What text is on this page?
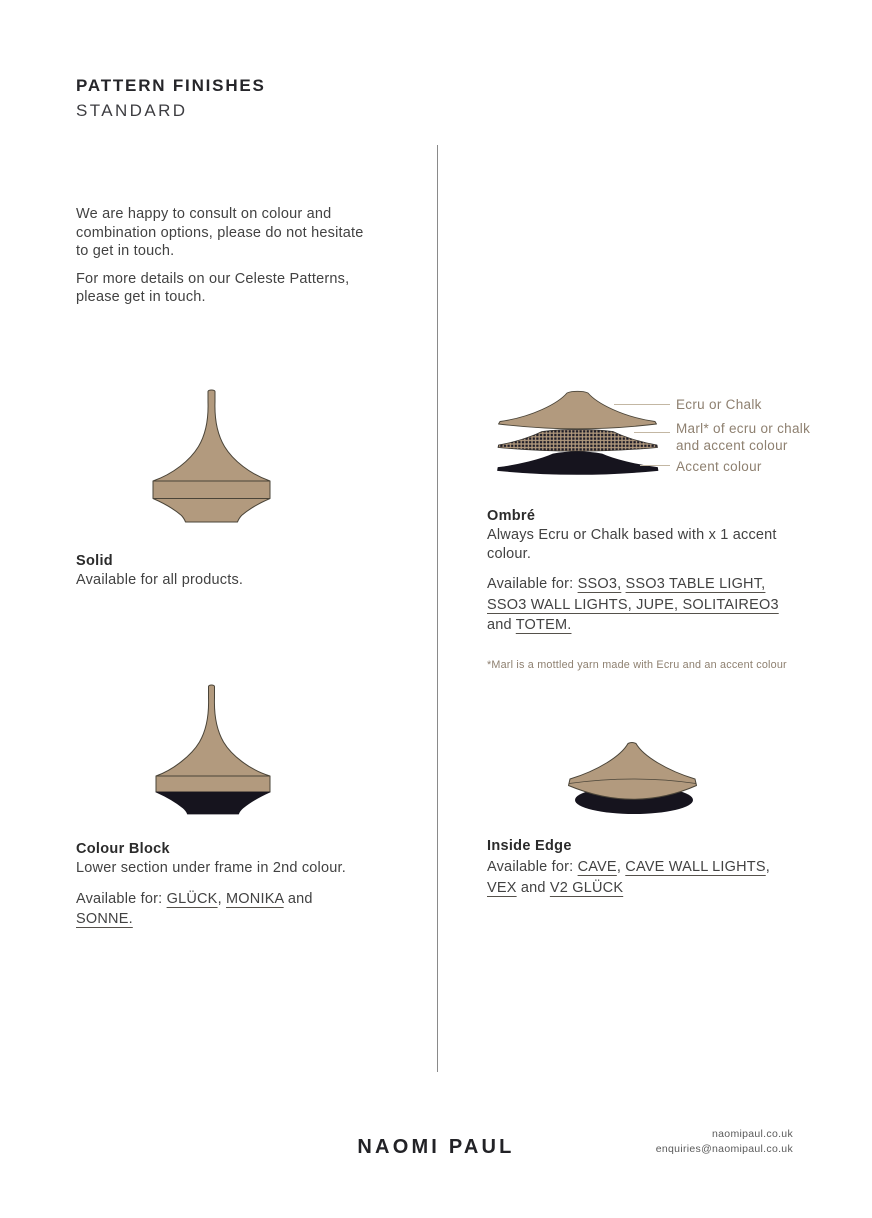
PATTERN FINISHES
STANDARD
We are happy to consult on colour and
combination options, please do not hesitate
to get in touch.
For more details on our Celeste Patterns,
please get in touch.
Solid
Available for all products.
Ecru or Chalk
Marl* of ecru or chalk and accent colour
Accent colour
Ombré
Always Ecru or Chalk based with x 1 accent
colour.
Available for: SSO3, SSO3 TABLE LIGHT,
SSO3 WALL LIGHTS, JUPE, SOLITAIREO3
and TOTEM.
*Marl is a mottled yarn made with Ecru and an accent colour
Colour Block
Lower section under frame in 2nd colour.
Available for: GLÜCK, MONIKA and
SONNE.
Inside Edge
Available for: CAVE, CAVE WALL LIGHTS,
VEX and V2 GLÜCK
NAOMI PAUL
naomipaul.co.uk
enquiries@naomipaul.co.uk
